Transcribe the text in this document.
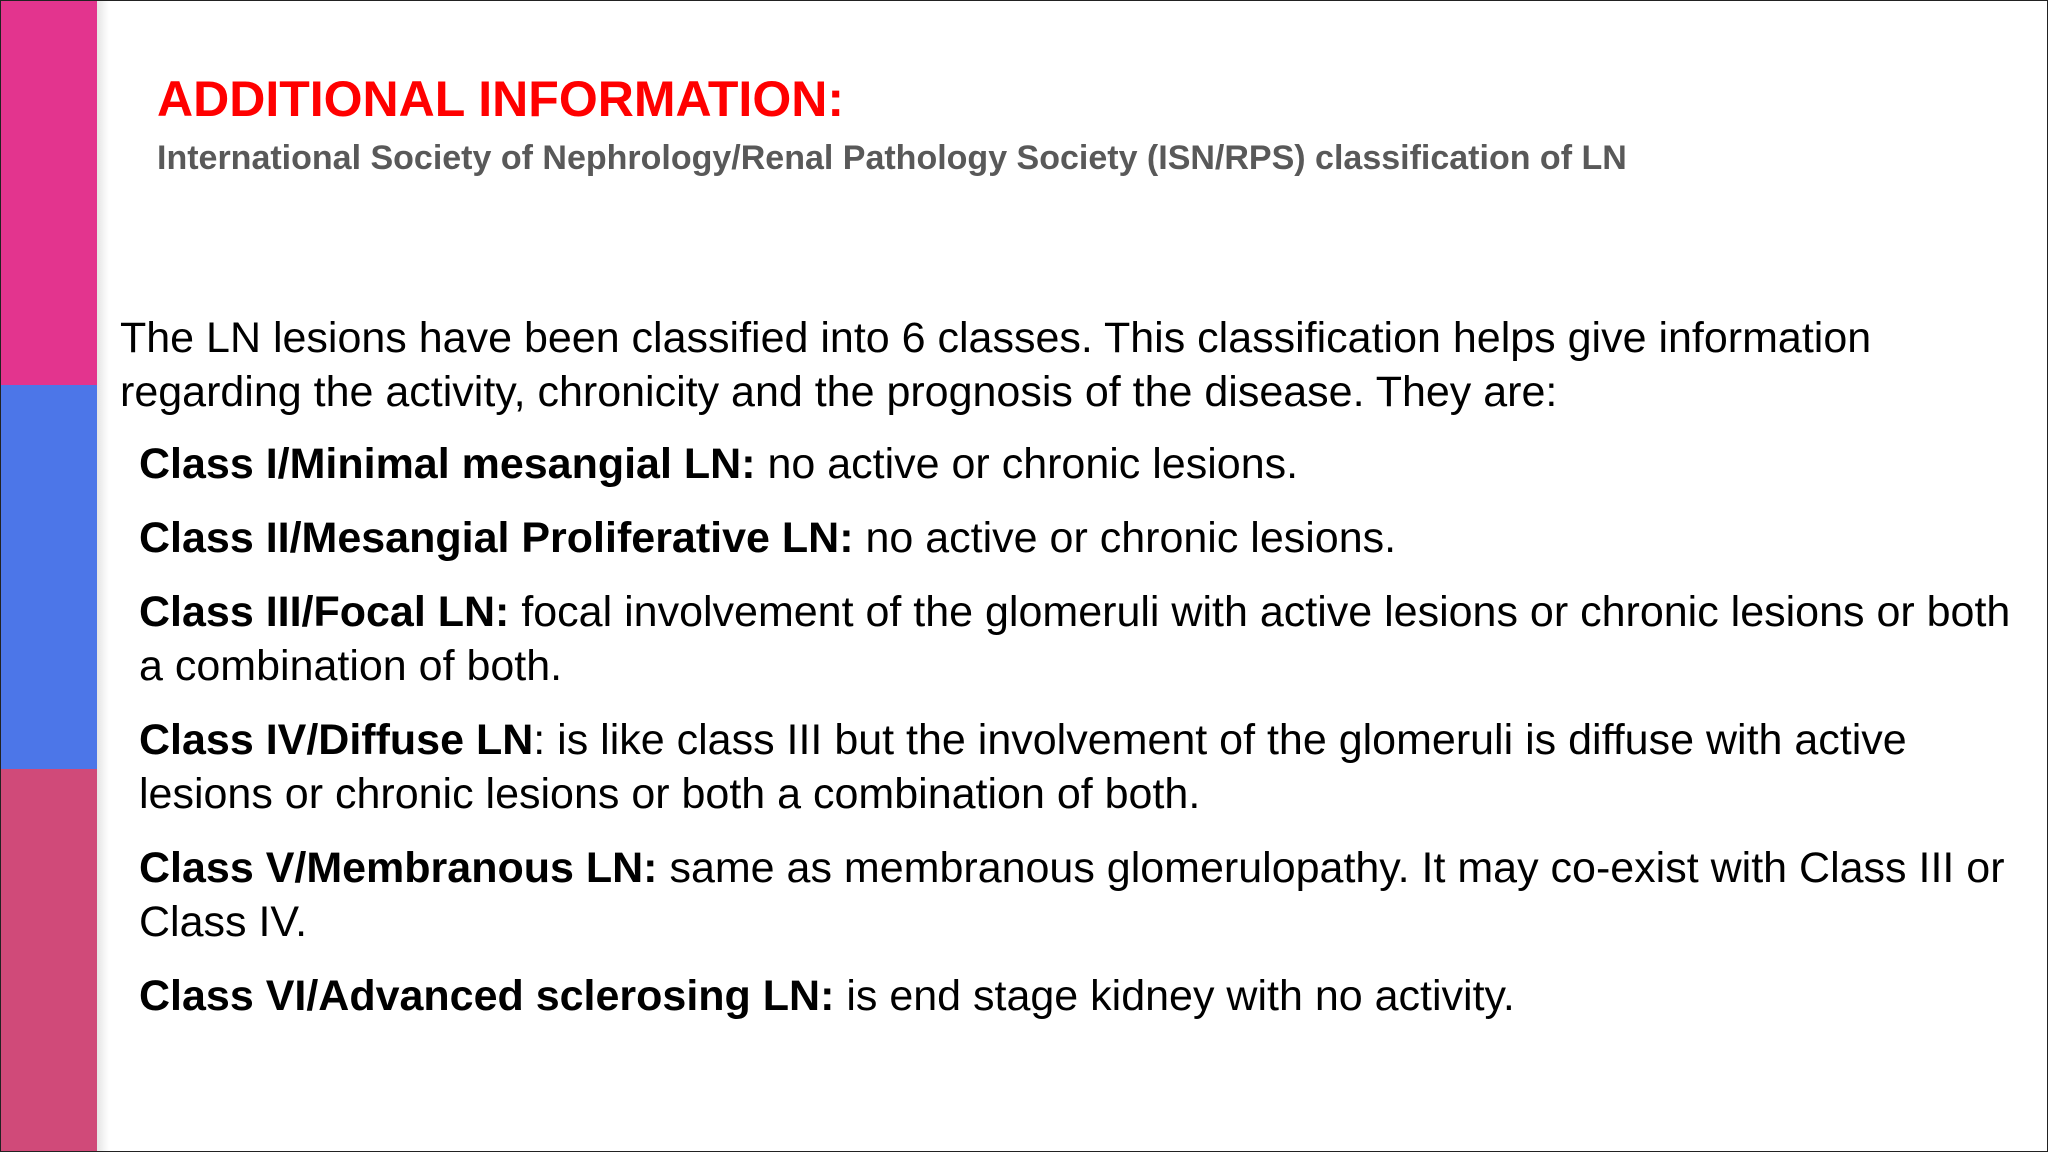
ADDITIONAL INFORMATION:
International Society of Nephrology/Renal Pathology Society (ISN/RPS) classification of LN

The LN lesions have been classified into 6 classes. This classification helps give information regarding the activity, chronicity and the prognosis of the disease. They are:

Class I/Minimal mesangial LN: no active or chronic lesions.
Class II/Mesangial Proliferative LN: no active or chronic lesions.
Class III/Focal LN: focal involvement of the glomeruli with active lesions or chronic lesions or both a combination of both.
Class IV/Diffuse LN: is like class III but the involvement of the glomeruli is diffuse with active lesions or chronic lesions or both a combination of both.
Class V/Membranous LN: same as membranous glomerulopathy. It may co-exist with Class III or Class IV.
Class VI/Advanced sclerosing LN: is end stage kidney with no activity.
